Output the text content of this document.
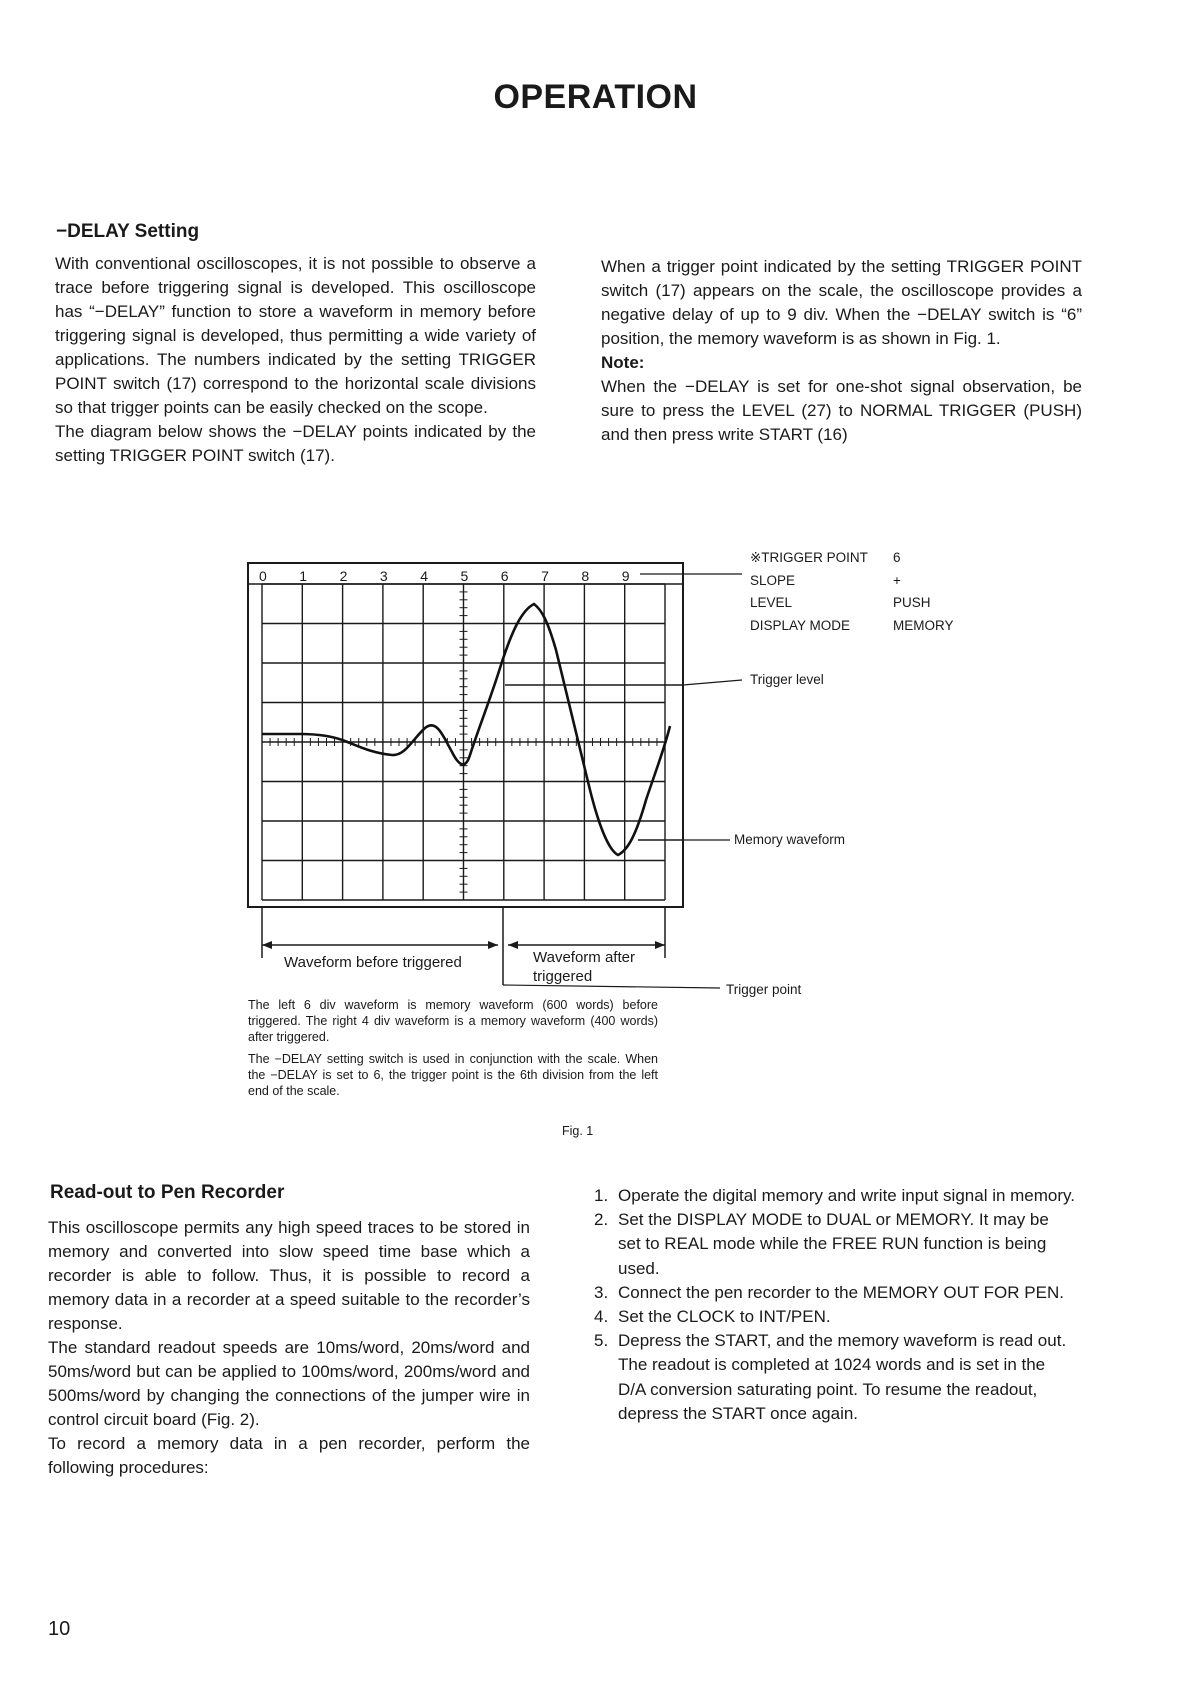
OPERATION
−DELAY Setting

With conventional oscilloscopes, it is not possible to observe a trace before triggering signal is developed. This oscilloscope has “−DELAY” function to store a waveform in memory before triggering signal is developed, thus permitting a wide variety of applications. The numbers indicated by the setting TRIGGER POINT switch (17) correspond to the horizontal scale divisions so that trigger points can be easily checked on the scope.

The diagram below shows the −DELAY points indicated by the setting TRIGGER POINT switch (17).

When a trigger point indicated by the setting TRIGGER POINT switch (17) appears on the scale, the oscilloscope provides a negative delay of up to 9 div. When the −DELAY switch is “6” position, the memory waveform is as shown in Fig. 1.

Note:

When the −DELAY is set for one-shot signal observation, be sure to press the LEVEL (27) to NORMAL TRIGGER (PUSH) and then press write START (16)

0 1 2 3 4 5 6 7 8 9
※TRIGGER POINT	6
SLOPE	+
LEVEL	PUSH
DISPLAY MODE	MEMORY
Trigger level
Memory waveform
Waveform before triggered	Waveform after
triggered
Trigger point

The left 6 div waveform is memory waveform (600 words) before triggered. The right 4 div waveform is a memory waveform (400 words) after triggered.

The −DELAY setting switch is used in conjunction with the scale. When the −DELAY is set to 6, the trigger point is the 6th division from the left end of the scale.

Fig. 1
Read-out to Pen Recorder

This oscilloscope permits any high speed traces to be stored in memory and converted into slow speed time base which a recorder is able to follow. Thus, it is possible to record a memory data in a recorder at a speed suitable to the recorder’s response.

The standard readout speeds are 10ms/word, 20ms/word and 50ms/word but can be applied to 100ms/word, 200ms/word and 500ms/word by changing the connections of the jumper wire in control circuit board (Fig. 2).

To record a memory data in a pen recorder, perform the following procedures:

1. Operate the digital memory and write input signal in memory.
2. Set the DISPLAY MODE to DUAL or MEMORY. It may be set to REAL mode while the FREE RUN function is being used.
3. Connect the pen recorder to the MEMORY OUT FOR PEN.
4. Set the CLOCK to INT/PEN.
5. Depress the START, and the memory waveform is read out. The readout is completed at 1024 words and is set in the D/A conversion saturating point. To resume the readout, depress the START once again.
10
